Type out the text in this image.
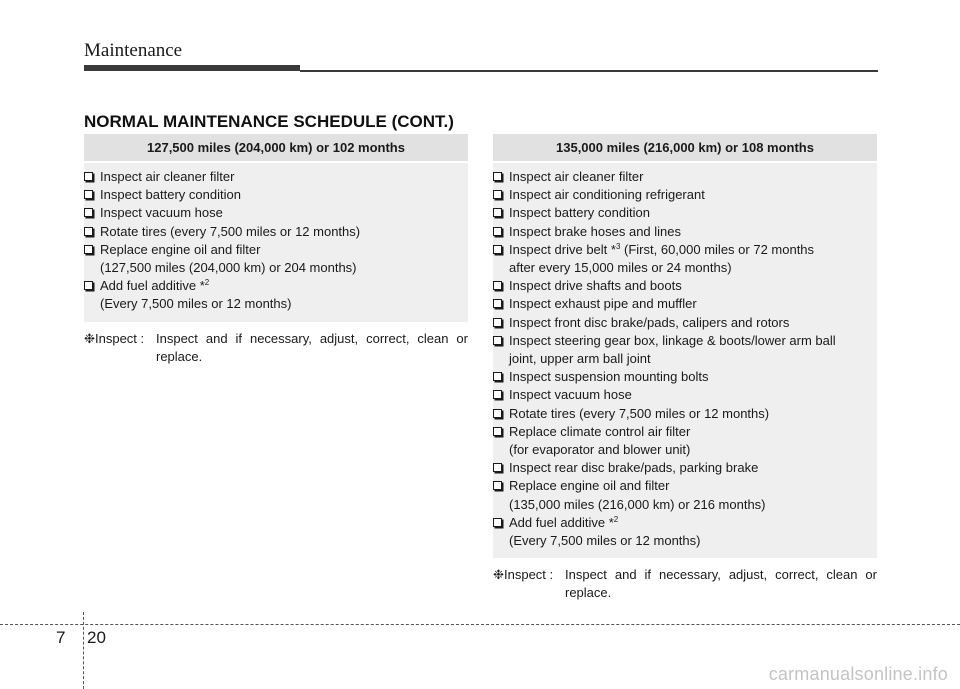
Maintenance
NORMAL MAINTENANCE SCHEDULE (CONT.)
127,500 miles (204,000 km) or 102 months
Inspect air cleaner filter
Inspect battery condition
Inspect vacuum hose
Rotate tires (every 7,500 miles or 12 months)
Replace engine oil and filter
(127,500 miles (204,000 km) or 204 months)
Add fuel additive *$^2$
(Every 7,500 miles or 12 months)
❉ Inspect : Inspect and if necessary, adjust, correct, clean or replace.
135,000 miles (216,000 km) or 108 months
Inspect air cleaner filter
Inspect air conditioning refrigerant
Inspect battery condition
Inspect brake hoses and lines
Inspect drive belt *$^3$ (First, 60,000 miles or 72 months
after every 15,000 miles or 24 months)
Inspect drive shafts and boots
Inspect exhaust pipe and muffler
Inspect front disc brake/pads, calipers and rotors
Inspect steering gear box, linkage & boots/lower arm ball
joint, upper arm ball joint
Inspect suspension mounting bolts
Inspect vacuum hose
Rotate tires (every 7,500 miles or 12 months)
Replace climate control air filter
(for evaporator and blower unit)
Inspect rear disc brake/pads, parking brake
Replace engine oil and filter
(135,000 miles (216,000 km) or 216 months)
Add fuel additive *$^2$
(Every 7,500 miles or 12 months)
❉ Inspect : Inspect and if necessary, adjust, correct, clean or replace.
7 20
carmanualsonline.info
